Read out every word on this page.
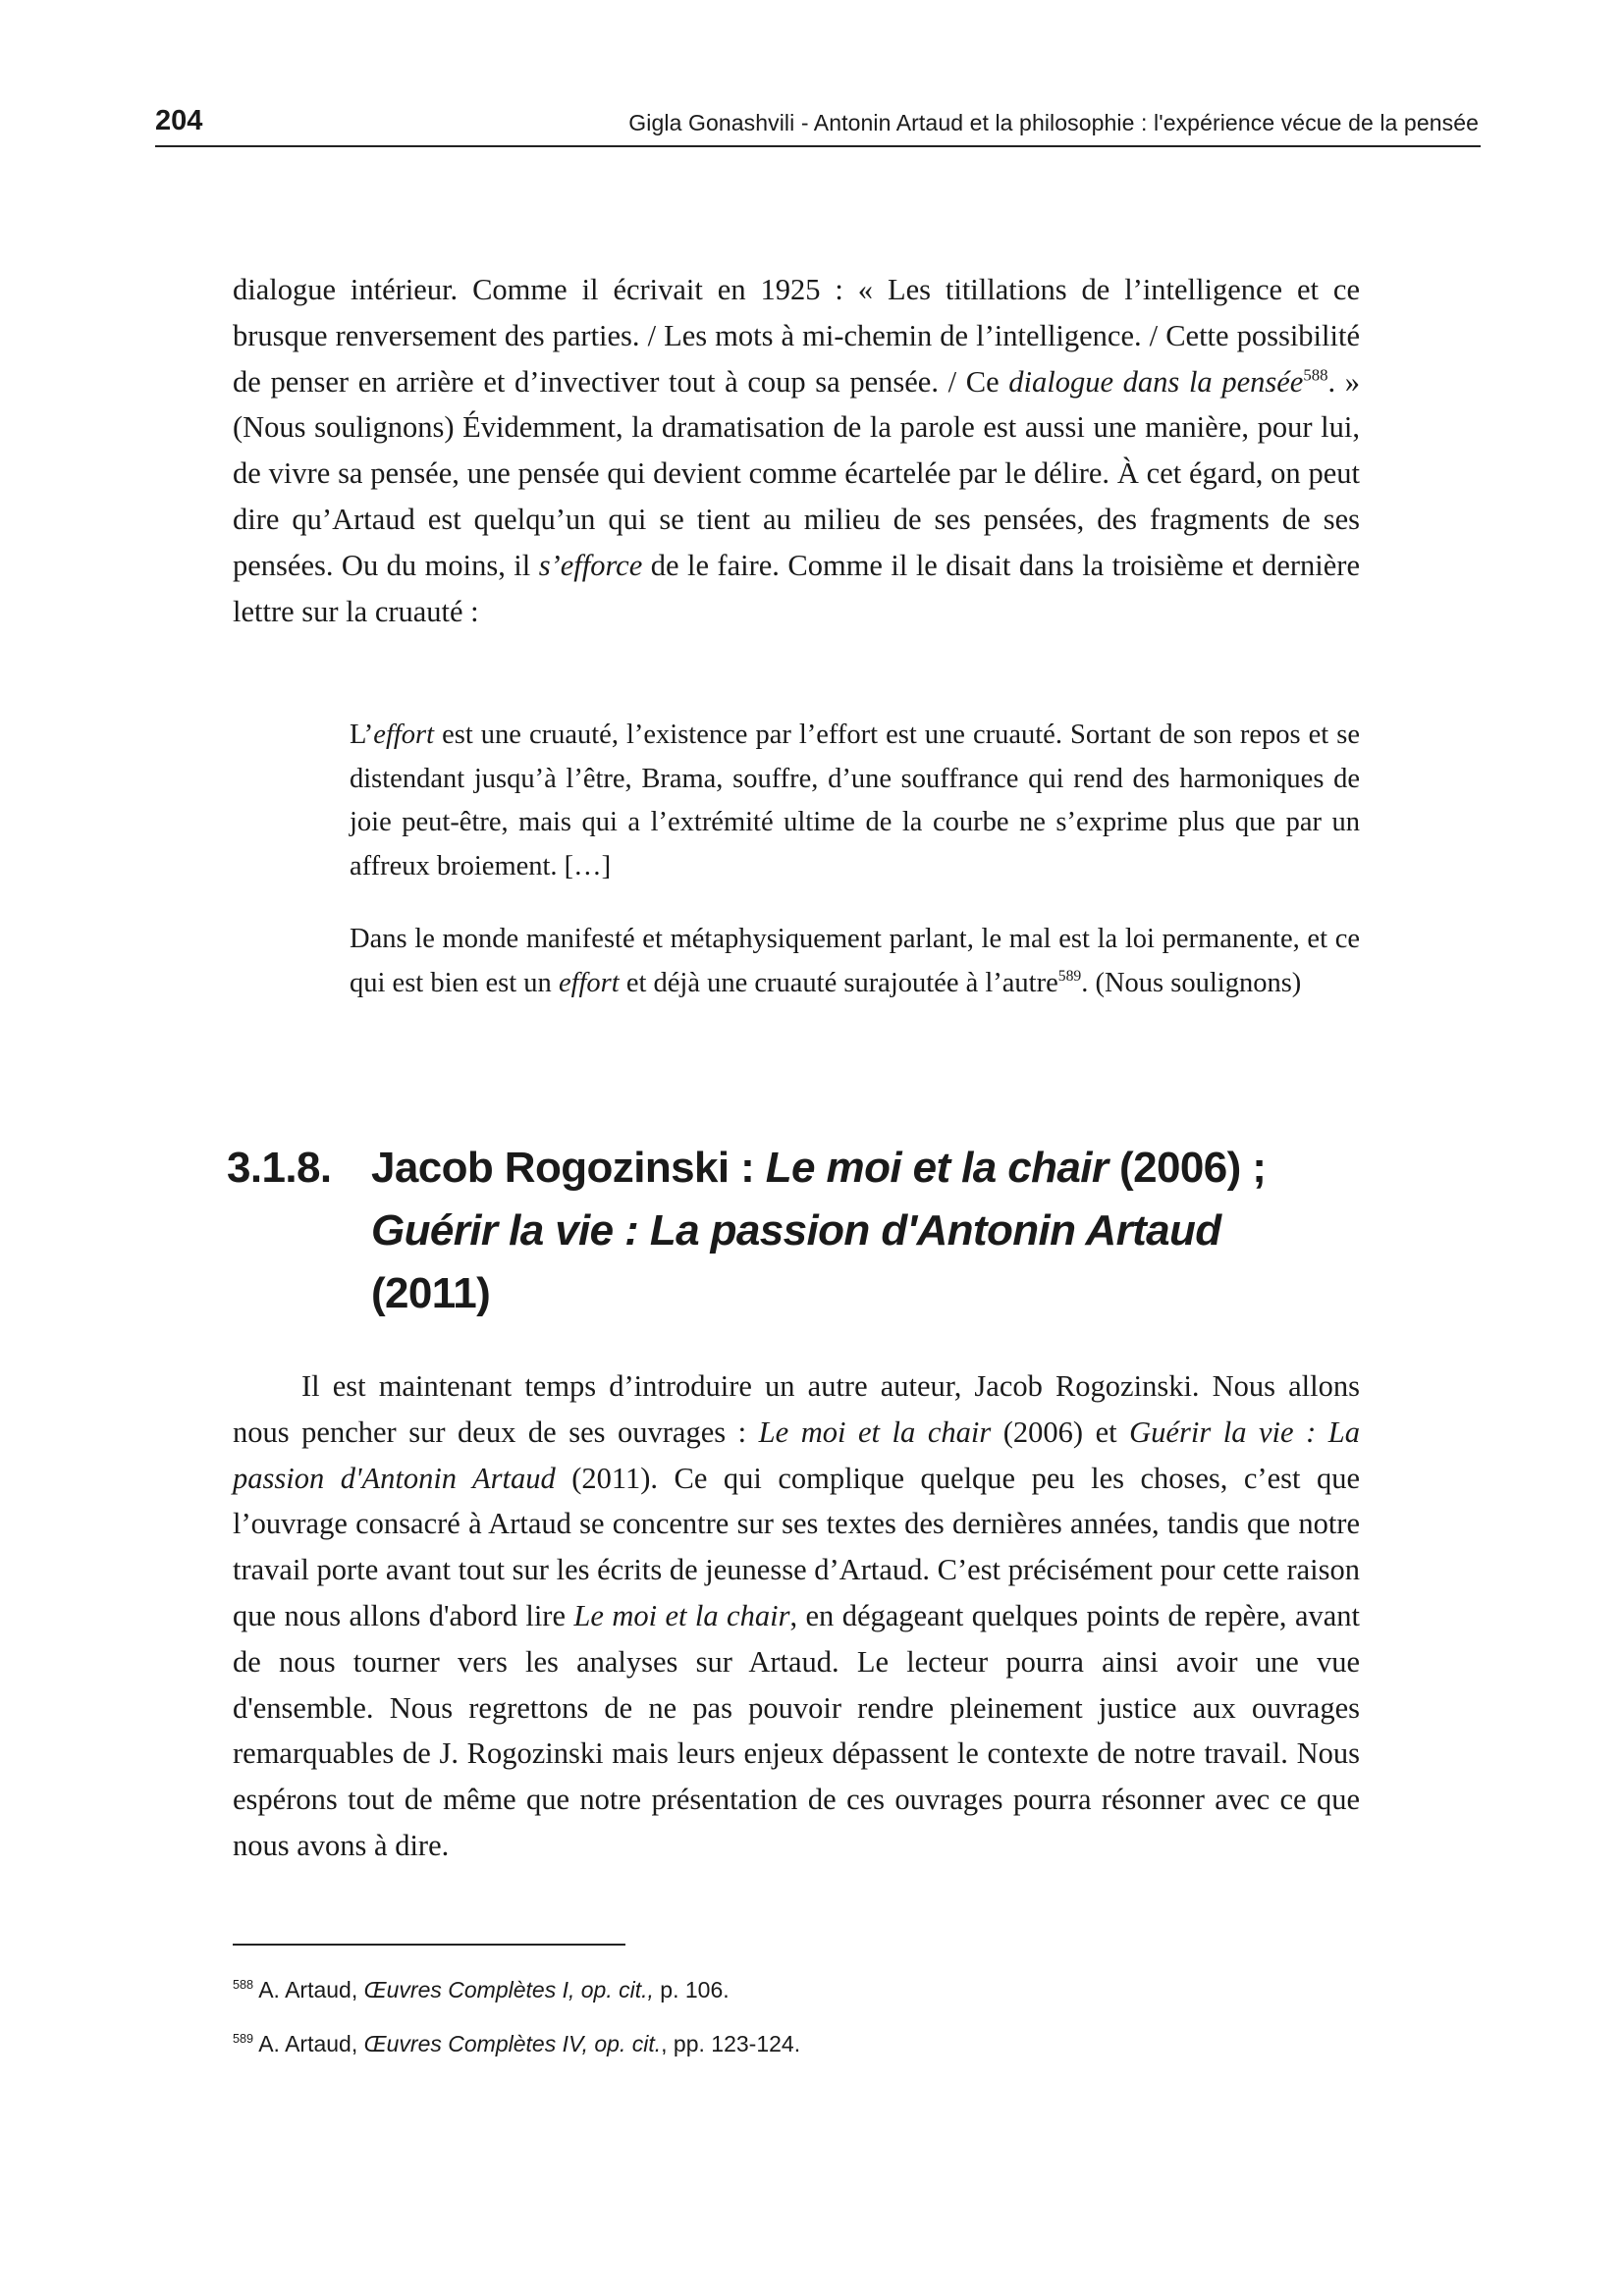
204	Gigla Gonashvili - Antonin Artaud et la philosophie : l'expérience vécue de la pensée

dialogue intérieur. Comme il écrivait en 1925 : « Les titillations de l’intelligence et ce brusque renversement des parties. / Les mots à mi-chemin de l’intelligence. / Cette possibilité de penser en arrière et d’invectiver tout à coup sa pensée. / Ce dialogue dans la pensée$^{588}$. » (Nous soulignons) Évidemment, la dramatisation de la parole est aussi une manière, pour lui, de vivre sa pensée, une pensée qui devient comme écartelée par le délire. À cet égard, on peut dire qu’Artaud est quelqu’un qui se tient au milieu de ses pensées, des fragments de ses pensées. Ou du moins, il s’efforce de le faire. Comme il le disait dans la troisième et dernière lettre sur la cruauté :

L’effort est une cruauté, l’existence par l’effort est une cruauté. Sortant de son repos et se distendant jusqu’à l’être, Brama, souffre, d’une souffrance qui rend des harmoniques de joie peut-être, mais qui a l’extrémité ultime de la courbe ne s’exprime plus que par un affreux broiement. […]

Dans le monde manifesté et métaphysiquement parlant, le mal est la loi permanente, et ce qui est bien est un effort et déjà une cruauté surajoutée à l’autre$^{589}$. (Nous soulignons)

3.1.8. Jacob Rogozinski : Le moi et la chair (2006) ;
Guérir la vie : La passion d'Antonin Artaud
(2011)

Il est maintenant temps d’introduire un autre auteur, Jacob Rogozinski. Nous allons nous pencher sur deux de ses ouvrages : Le moi et la chair (2006) et Guérir la vie : La passion d'Antonin Artaud (2011). Ce qui complique quelque peu les choses, c’est que l’ouvrage consacré à Artaud se concentre sur ses textes des dernières années, tandis que notre travail porte avant tout sur les écrits de jeunesse d’Artaud. C’est précisément pour cette raison que nous allons d'abord lire Le moi et la chair, en dégageant quelques points de repère, avant de nous tourner vers les analyses sur Artaud. Le lecteur pourra ainsi avoir une vue d'ensemble. Nous regrettons de ne pas pouvoir rendre pleinement justice aux ouvrages remarquables de J. Rogozinski mais leurs enjeux dépassent le contexte de notre travail. Nous espérons tout de même que notre présentation de ces ouvrages pourra résonner avec ce que nous avons à dire.

$^{588}$ A. Artaud, Œuvres Complètes I, op. cit., p. 106.
$^{589}$ A. Artaud, Œuvres Complètes IV, op. cit., pp. 123-124.
